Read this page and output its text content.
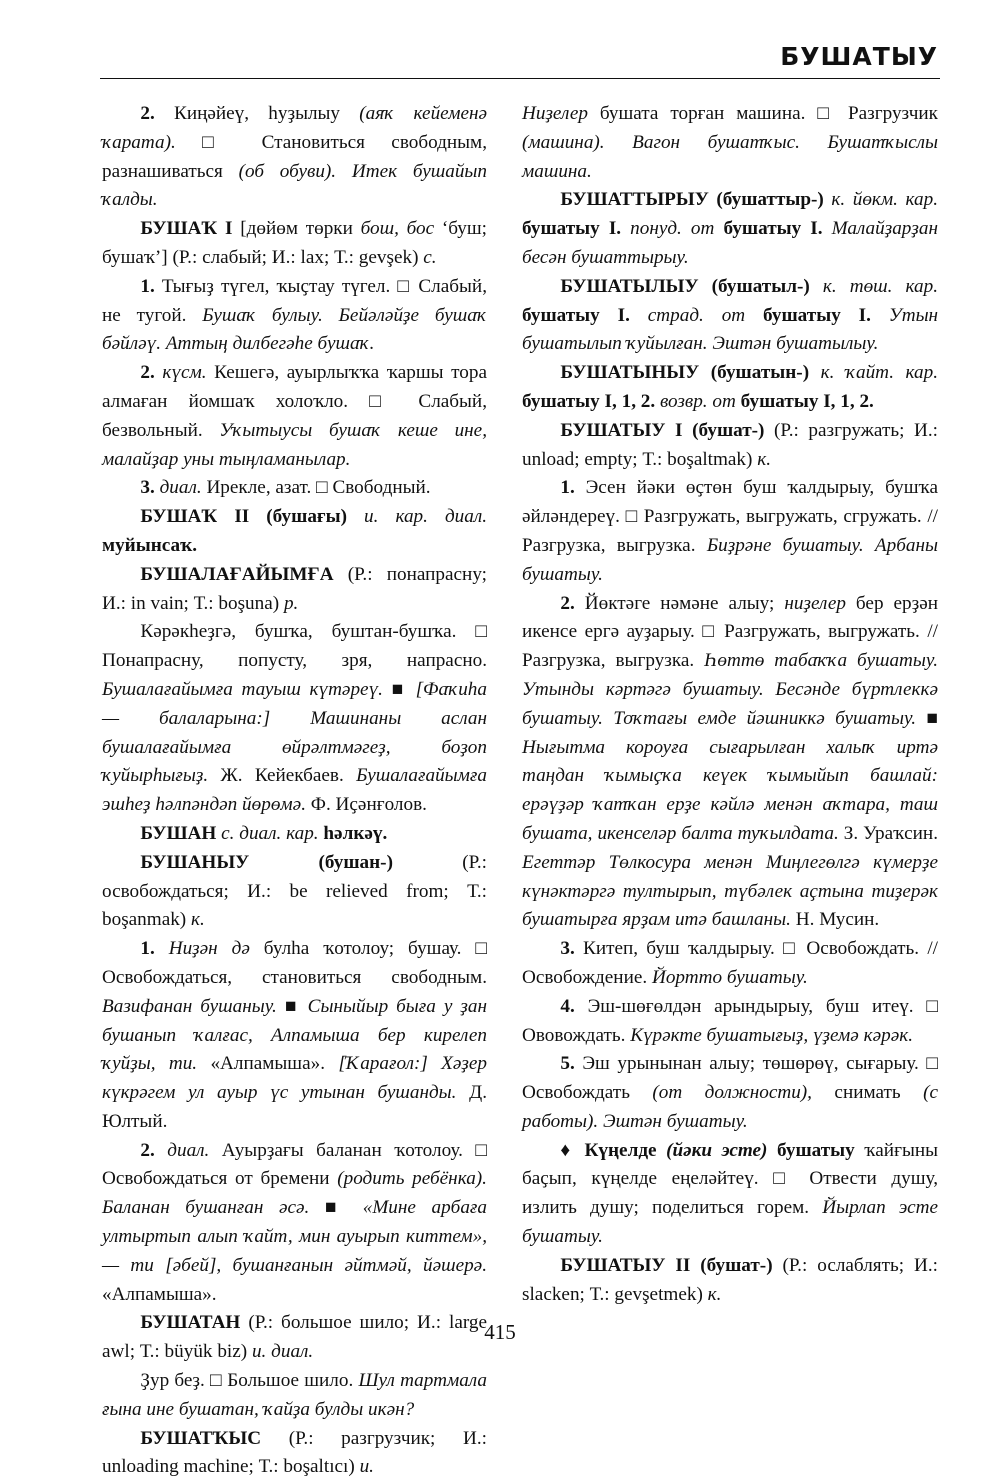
БУШАТЫУ

2. Киңәйеү, һуҙылыу (аяҡ кейеменә ҡарата). □ Становиться свободным, разнашиваться (об обуви). Итек бушайып ҡалды.

БУШАҠ I [дөйөм төрки бош, бос ‘буш; бушаҡ’] (Р.: слабый; И.: lax; Т.: gevşek) с.

1. Тығыҙ түгел, ҡыҫтау түгел. □ Слабый, не тугой. Бушаҡ булыу. Бейәләйҙе бушаҡ бәйләү. Аттың дилбегәһе бушаҡ.

2. күсм. Кешегә, ауырлыҡҡа ҡаршы тора алмаған йомшаҡ холоҡло. □ Слабый, безвольный. Уҡытыусы бушаҡ кеше ине, малайҙар уны тыңламанылар.

3. диал. Ирекле, азат. □ Свободный.

БУШАҠ II (бушағы) и. кар. диал. муйынсаҡ.

БУШАЛАҒАЙЫМҒА (Р.: понапрасну; И.: in vain; Т.: boşuna) р.

Кәрәкһеҙгә, бушҡа, буштан-бушҡа. □ Понапрасну, попусту, зря, напрасно. Бушалағайымға тауыш күтәреү. ■ [Фаҡиһа — балаларына:] Машинаны аслан бушалағайымға өйрәлтмәгеҙ, боҙоп ҡуйырһығыҙ. Ж. Кейекбаев. Бушалағайымға эшһеҙ һәлпәндәп йөрөмә. Ф. Иҫәнғолов.

БУШАН с. диал. кар. һәлкәү.

БУШАНЫУ (бушан-) (Р.: освобождаться; И.: be relieved from; Т.: boşanmak) к.

1. Ниҙән дә булһа ҡотолоу; бушау. □ Освобождаться, становиться свободным. Вазифанан бушаныу. ■ Сыныйыр быға у ҙан бушанып ҡалғас, Алпамыша бер кирелеп ҡуйҙы, ти. «Алпамыша». [Ҡарағол:] Хәҙер күкрәгем ул ауыр үс утынан бушанды. Д. Юлтый.

2. диал. Ауырҙағы баланан ҡотолоу. □ Освобождаться от бремени (родить ребёнка). Баланан бушанған әсә. ■ «Мине арбаға ултыртып алып ҡайт, мин ауырып киттем», — ти [әбей], бушанғанын әйтмәй, йәшерә. «Алпамыша».

БУШАТАН (Р.: большое шило; И.: large awl; Т.: büyük biz) и. диал.

Ҙур беҙ. □ Большое шило. Шул тартмала ғына ине бушатан, ҡайҙа булды икән?

БУШАТҠЫС (Р.: разгрузчик; И.: unloading machine; Т.: boşaltıcı) и.

Ниҙелер бушата торған машина. □ Разгрузчик (машина). Вагон бушатҡыс. Бушатҡыслы машина.

БУШАТТЫРЫУ (бушаттыр-) к. йөкм. кар. бушатыу I. понуд. от бушатыу I. Малайҙарҙан бесән бушаттырыу.

БУШАТЫЛЫУ (бушатыл-) к. төш. кар. бушатыу I. страд. от бушатыу I. Утын бушатылып ҡуйылған. Эштән бушатылыу.

БУШАТЫНЫУ (бушатын-) к. ҡайт. кар. бушатыу I, 1, 2. возвр. от бушатыу I, 1, 2.

БУШАТЫУ I (бушат-) (Р.: разгружать; И.: unload; empty; Т.: boşaltmak) к.

1. Эсен йәки өҫтөн буш ҡалдырыу, бушҡа әйләндереү. □ Разгружать, выгружать, сгружать. // Разгрузка, выгрузка. Биҙрәне бушатыу. Арбаны бушатыу.

2. Йөктәге нәмәне алыу; ниҙелер бер ерҙән икенсе ергә ауҙарыу. □ Разгружать, выгружать. // Разгрузка, выгрузка. Һөттө табаҡҡа бушатыу. Утынды кәртәгә бушатыу. Бесәнде бүртлеккә бушатыу. Тоҡтағы емде йәшниккә бушатыу. ■ Нығытма короуға сығарылған халыҡ иртә таңдан ҡымыҫҡа кеүек ҡымыйып башлай: ерәүҙәр ҡатҡан ерҙе кәйлә менән аҡтара, таш бушата, икенселәр балта туҡылдата. З. Ураҡсин. Егеттәр Төлкосура менән Миңлегөлгә күмерҙе күнәктәргә тултырып, түбәлек аҫтына тиҙерәк бушатырға ярҙам итә башланы. Н. Мусин.

3. Китеп, буш ҡалдырыу. □ Освобождать. // Освобождение. Йортто бушатыу.

4. Эш-шөғөлдән арындырыу, буш итеү. □ Ововождать. Күрәкте бушатығыҙ, үҙемә кәрәк.

5. Эш урынынан алыу; төшөрөү, сығарыу. □ Освобождать (от должности), снимать (с работы). Эштән бушатыу.

♦ Күңелде (йәки эсте) бушатыу ҡайғыны баҫып, күңелде еңеләйтеү. □ Отвести душу, излить душу; поделиться горем. Йырлап эсте бушатыу.

БУШАТЫУ II (бушат-) (Р.: ослаблять; И.: slacken; Т.: gevşetmek) к.

415
